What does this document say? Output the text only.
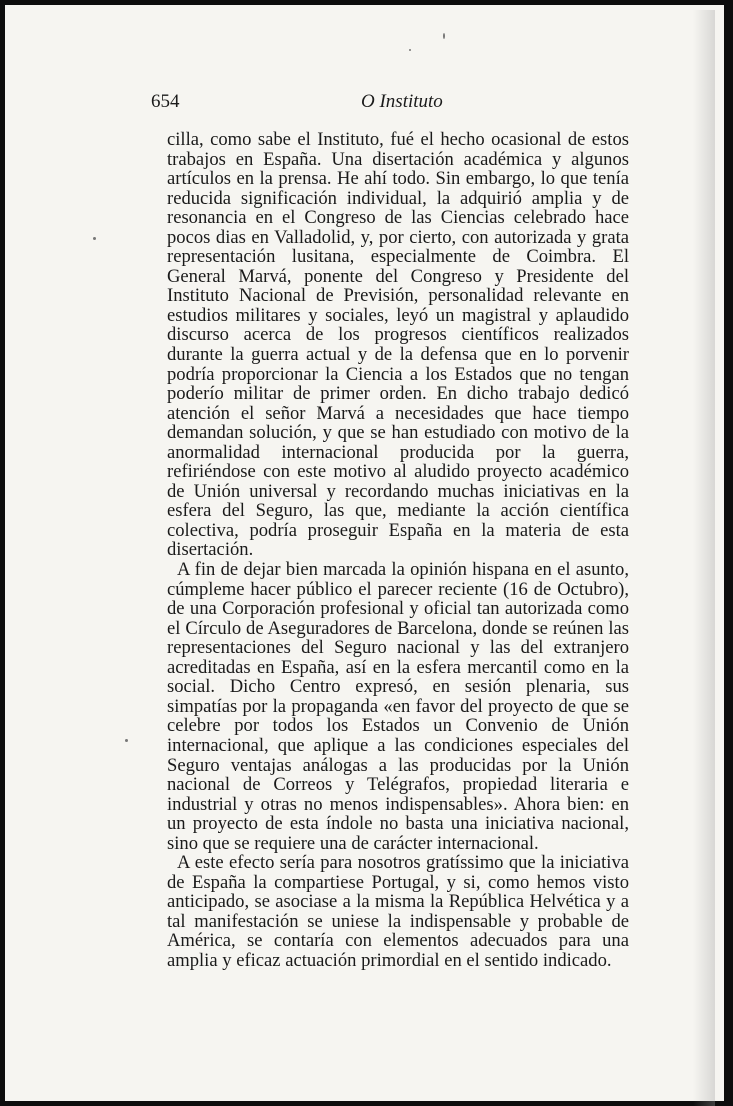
654	O Instituto

cilla, como sabe el Instituto, fué el hecho ocasional de estos trabajos en España. Una disertación académica y algunos artículos en la prensa. He ahí todo. Sin embargo, lo que tenía reducida significación individual, la adquirió amplia y de resonancia en el Congreso de las Ciencias celebrado hace pocos dias en Valladolid, y, por cierto, con autorizada y grata representación lusitana, especialmente de Coimbra. El General Marvá, ponente del Congreso y Presidente del Instituto Nacional de Previsión, personalidad relevante en estudios militares y sociales, leyó un magistral y aplaudido discurso acerca de los progresos científicos realizados durante la guerra actual y de la defensa que en lo porvenir podría proporcionar la Ciencia a los Estados que no tengan poderío militar de primer orden. En dicho trabajo dedicó atención el señor Marvá a necesidades que hace tiempo demandan solución, y que se han estudiado con motivo de la anormalidad internacional producida por la guerra, refiriéndose con este motivo al aludido proyecto académico de Unión universal y recordando muchas iniciativas en la esfera del Seguro, las que, mediante la acción científica colectiva, podría proseguir España en la materia de esta disertación.

A fin de dejar bien marcada la opinión hispana en el asunto, cúmpleme hacer público el parecer reciente (16 de Octubro), de una Corporación profesional y oficial tan autorizada como el Círculo de Aseguradores de Barcelona, donde se reúnen las representaciones del Seguro nacional y las del extranjero acreditadas en España, así en la esfera mercantil como en la social. Dicho Centro expresó, en sesión plenaria, sus simpatías por la propaganda «en favor del proyecto de que se celebre por todos los Estados un Convenio de Unión internacional, que aplique a las condiciones especiales del Seguro ventajas análogas a las producidas por la Unión nacional de Correos y Telégrafos, propiedad literaria e industrial y otras no menos indispensables». Ahora bien: en un proyecto de esta índole no basta una iniciativa nacional, sino que se requiere una de carácter internacional.

A este efecto sería para nosotros gratíssimo que la iniciativa de España la compartiese Portugal, y si, como hemos visto anticipado, se asociase a la misma la República Helvética y a tal manifestación se uniese la indispensable y probable de América, se contaría con elementos adecuados para una amplia y eficaz actuación primordial en el sentido indicado.
